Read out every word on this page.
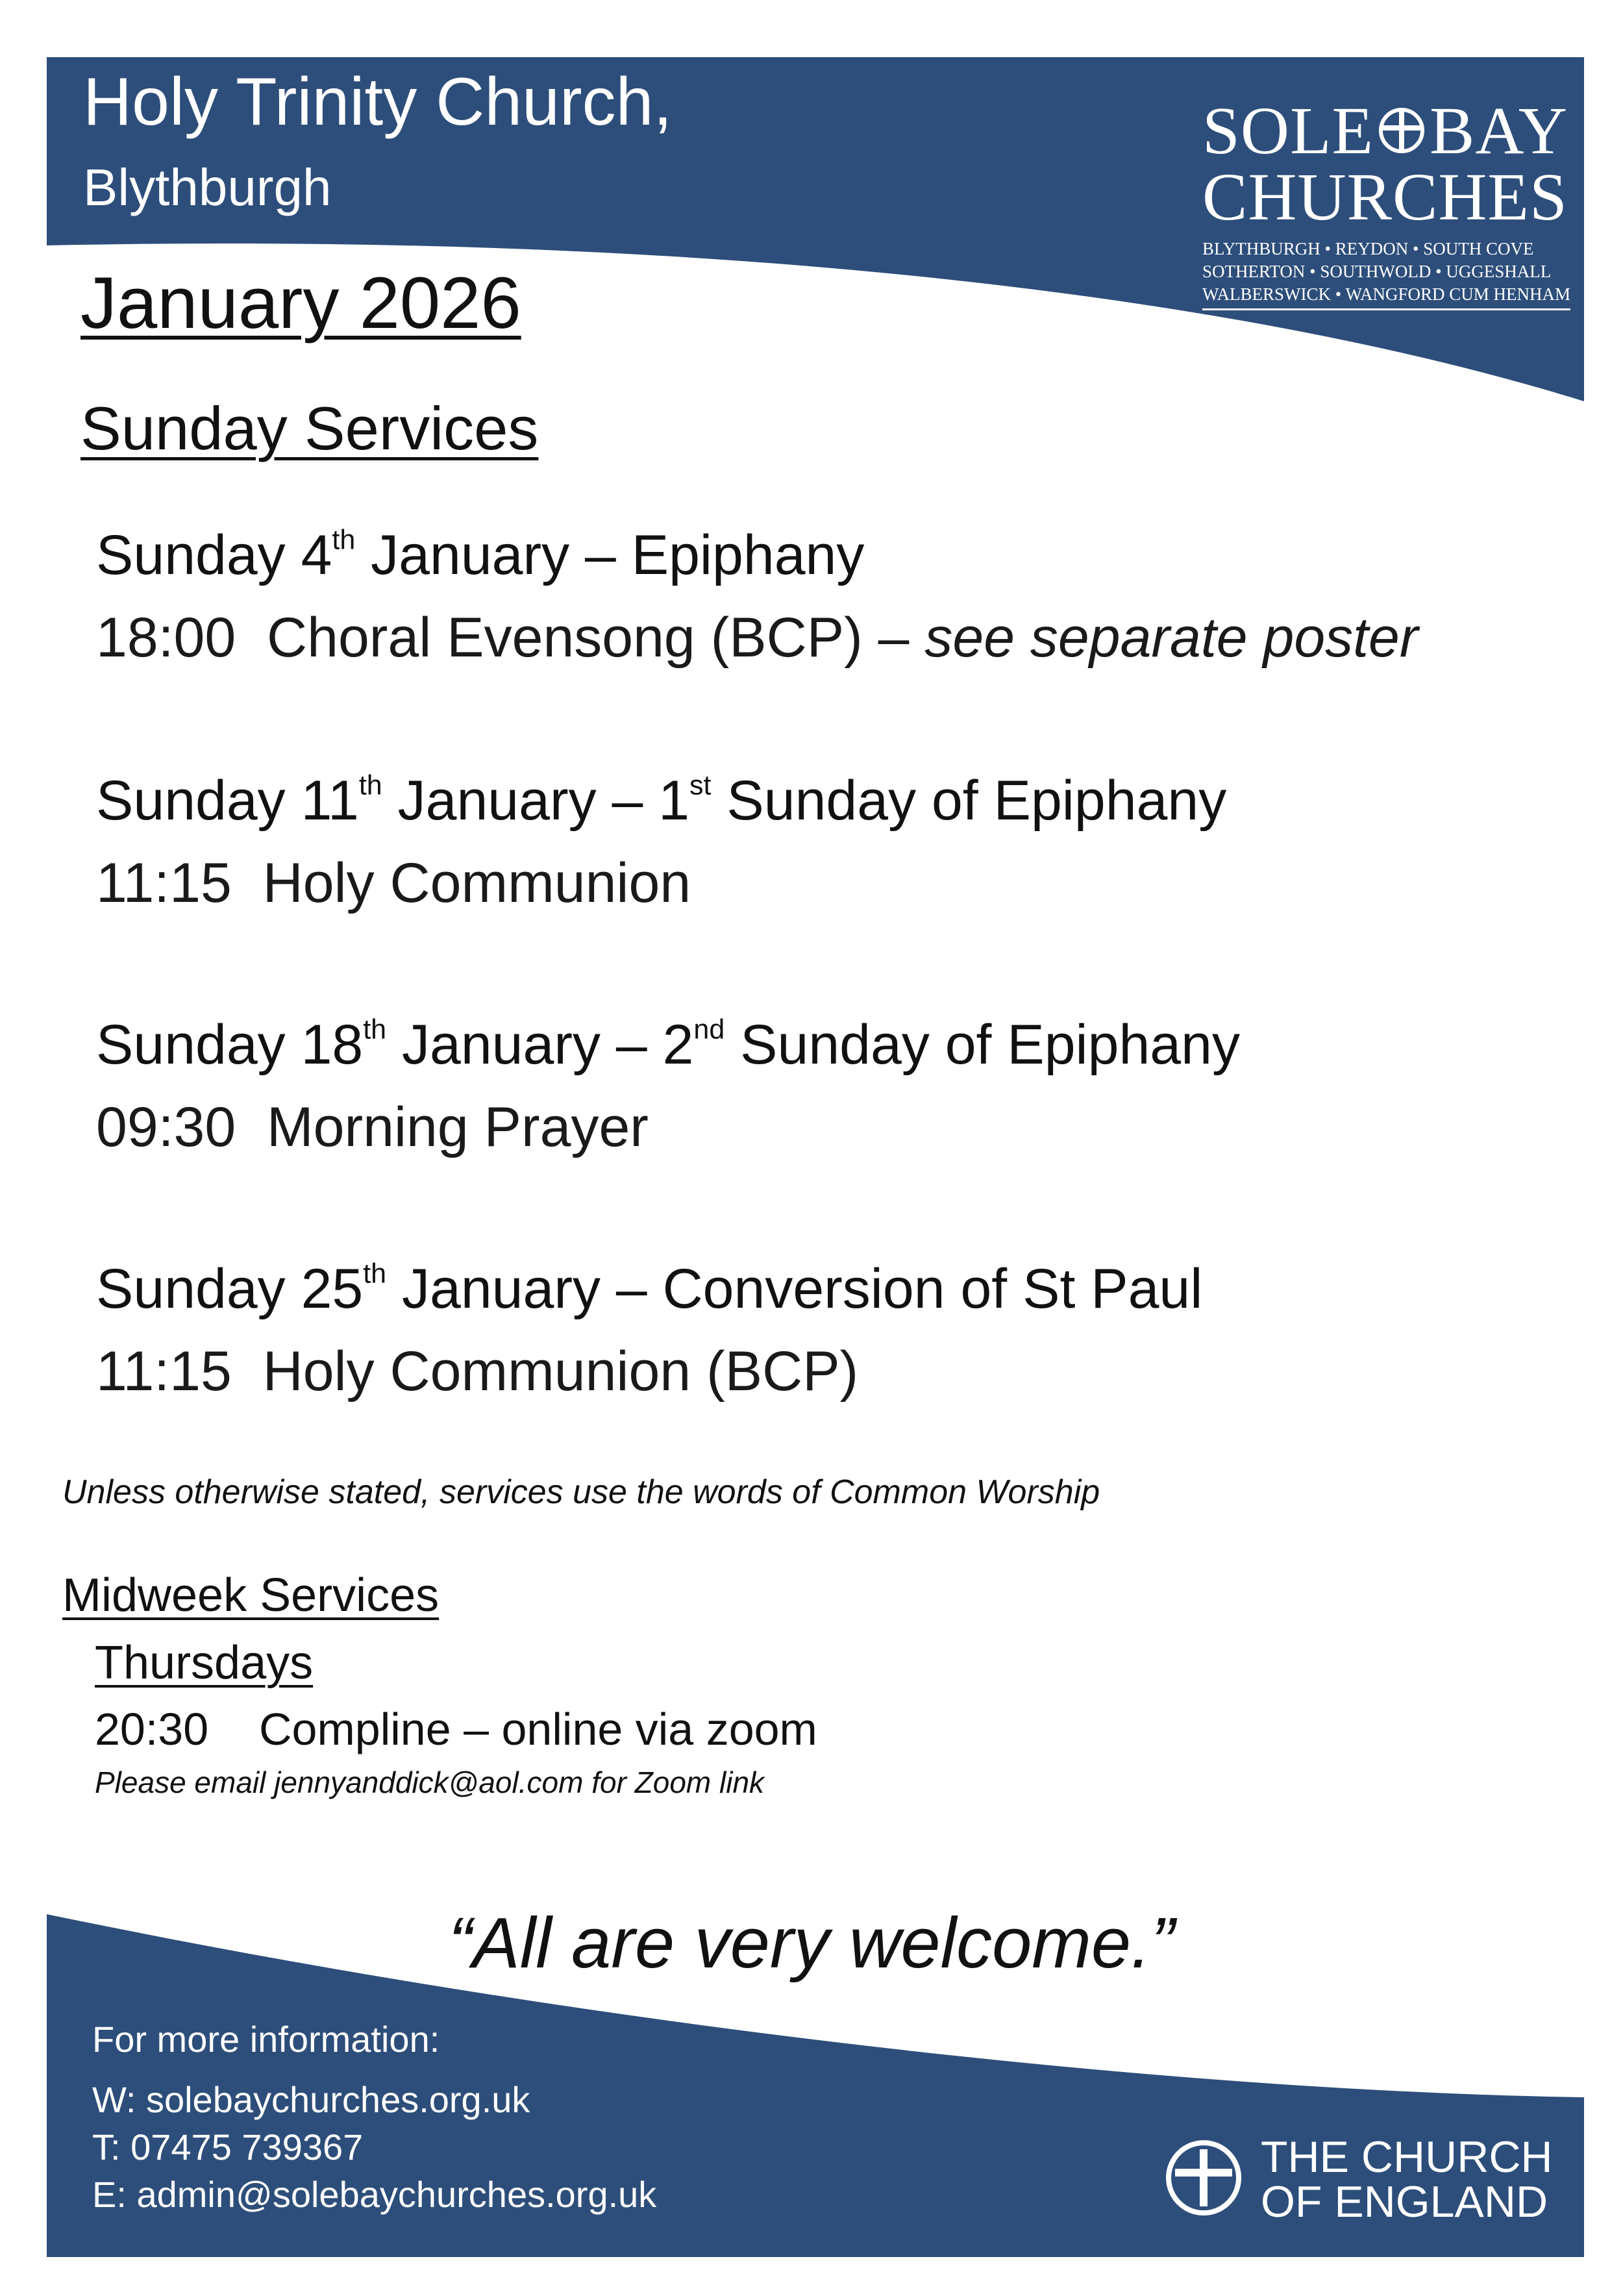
Holy Trinity Church,
Blythburgh
SOLE BAY
CHURCHES
BLYTHBURGH • REYDON • SOUTH COVE
SOTHERTON • SOUTHWOLD • UGGESHALL
WALBERSWICK • WANGFORD CUM HENHAM
January 2026
Sunday Services
Sunday 4th January – Epiphany
18:00 Choral Evensong (BCP) – see separate poster
Sunday 11th January – 1st Sunday of Epiphany
11:15 Holy Communion
Sunday 18th January – 2nd Sunday of Epiphany
09:30 Morning Prayer
Sunday 25th January – Conversion of St Paul
11:15 Holy Communion (BCP)
Unless otherwise stated, services use the words of Common Worship
Midweek Services
Thursdays
20:30 Compline – online via zoom
Please email jennyanddick@aol.com for Zoom link
“All are very welcome.”
For more information:
W: solebaychurches.org.uk
T: 07475 739367
E: admin@solebaychurches.org.uk
THE CHURCH
OF ENGLAND
